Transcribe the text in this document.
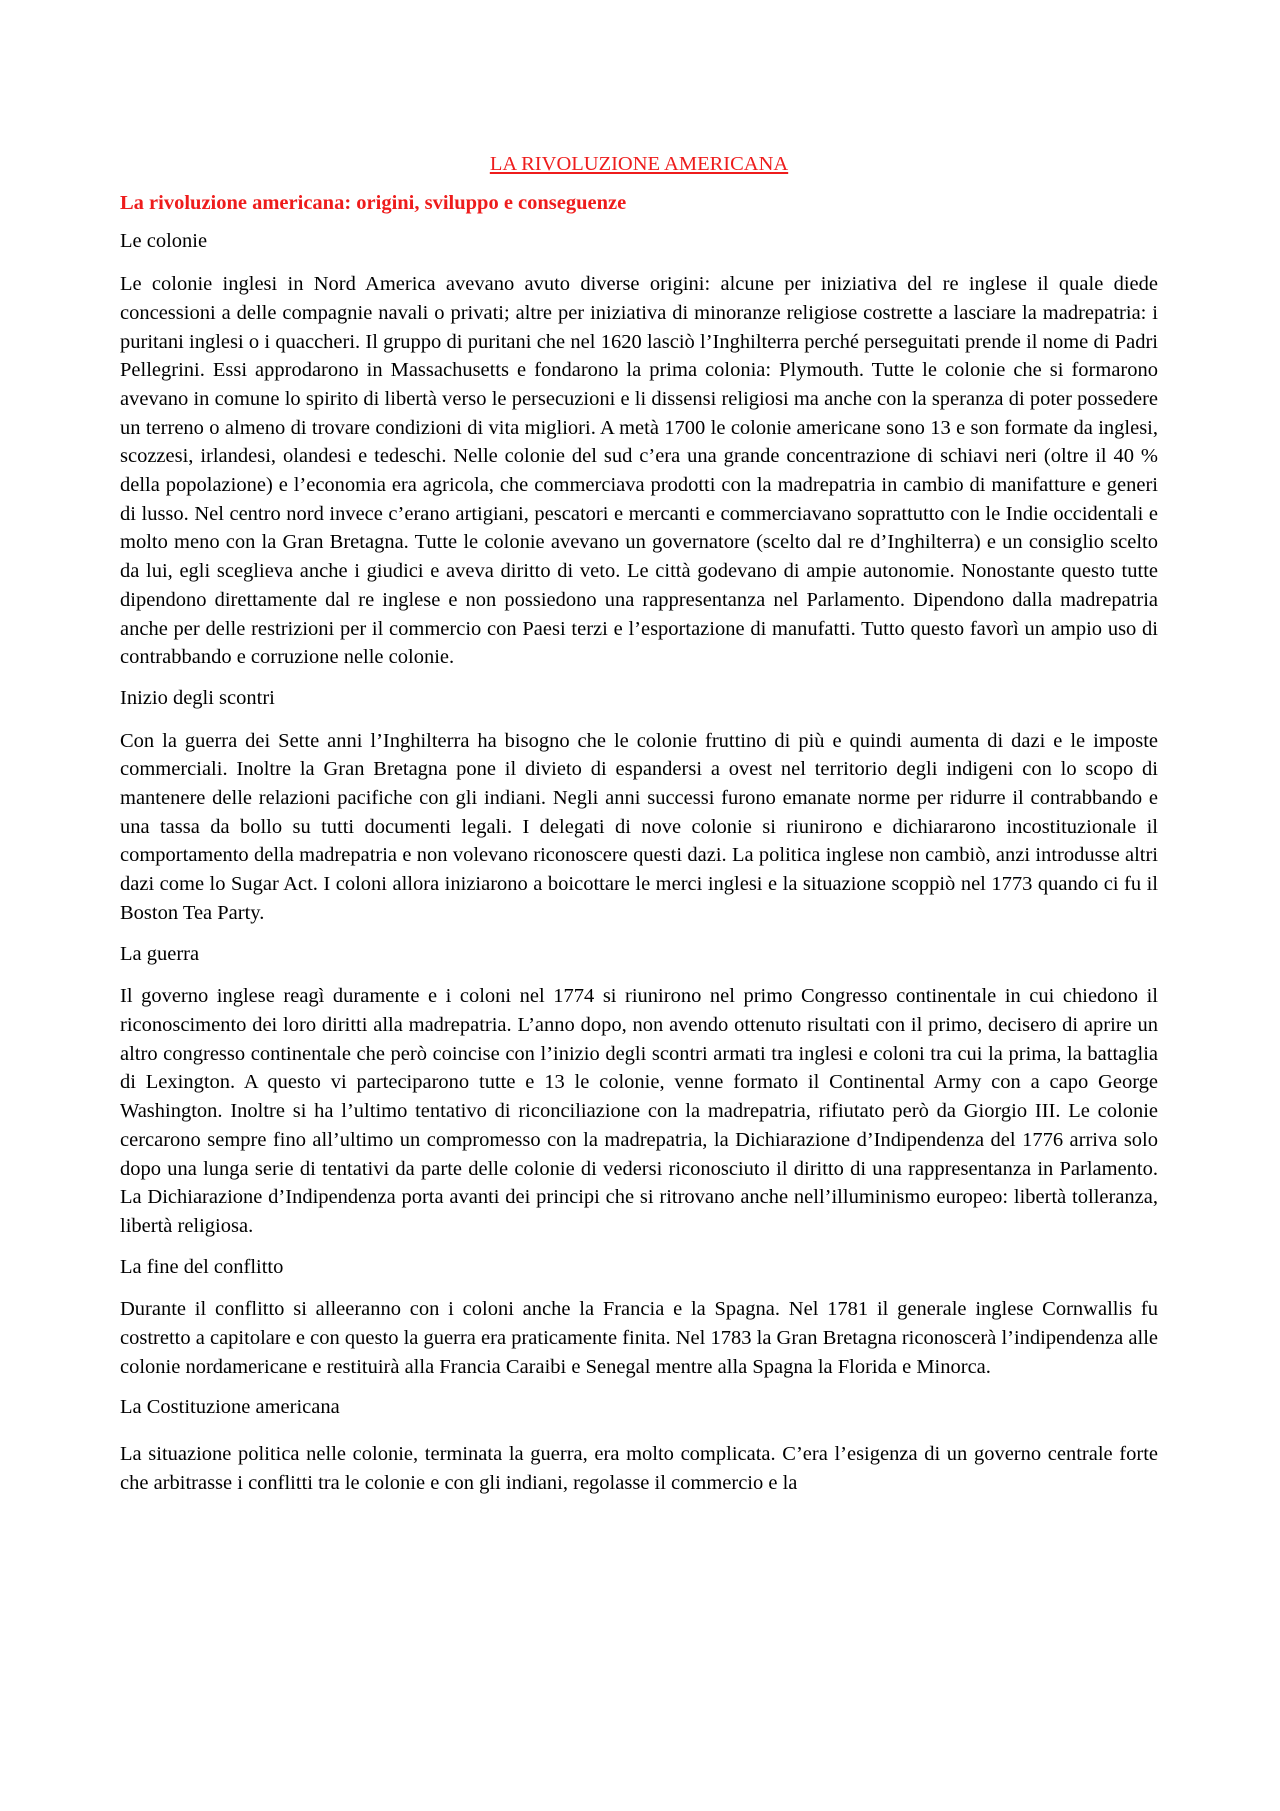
LA RIVOLUZIONE AMERICANA

La rivoluzione americana: origini, sviluppo e conseguenze

Le colonie

Le colonie inglesi in Nord America avevano avuto diverse origini: alcune per iniziativa del re inglese il quale diede concessioni a delle compagnie navali o privati; altre per iniziativa di minoranze religiose costrette a lasciare la madrepatria: i puritani inglesi o i quaccheri. Il gruppo di puritani che nel 1620 lasciò l’Inghilterra perché perseguitati prende il nome di Padri Pellegrini. Essi approdarono in Massachusetts e fondarono la prima colonia: Plymouth. Tutte le colonie che si formarono avevano in comune lo spirito di libertà verso le persecuzioni e li dissensi religiosi ma anche con la speranza di poter possedere un terreno o almeno di trovare condizioni di vita migliori. A metà 1700 le colonie americane sono 13 e son formate da inglesi, scozzesi, irlandesi, olandesi e tedeschi. Nelle colonie del sud c’era una grande concentrazione di schiavi neri (oltre il 40 % della popolazione) e l’economia era agricola, che commerciava prodotti con la madrepatria in cambio di manifatture e generi di lusso. Nel centro nord invece c’erano artigiani, pescatori e mercanti e commerciavano soprattutto con le Indie occidentali e molto meno con la Gran Bretagna. Tutte le colonie avevano un governatore (scelto dal re d’Inghilterra) e un consiglio scelto da lui, egli sceglieva anche i giudici e aveva diritto di veto. Le città godevano di ampie autonomie. Nonostante questo tutte dipendono direttamente dal re inglese e non possiedono una rappresentanza nel Parlamento. Dipendono dalla madrepatria anche per delle restrizioni per il commercio con Paesi terzi e l’esportazione di manufatti. Tutto questo favorì un ampio uso di contrabbando e corruzione nelle colonie.

Inizio degli scontri

Con la guerra dei Sette anni l’Inghilterra ha bisogno che le colonie fruttino di più e quindi aumenta di dazi e le imposte commerciali. Inoltre la Gran Bretagna pone il divieto di espandersi a ovest nel territorio degli indigeni con lo scopo di mantenere delle relazioni pacifiche con gli indiani. Negli anni successi furono emanate norme per ridurre il contrabbando e una tassa da bollo su tutti documenti legali. I delegati di nove colonie si riunirono e dichiararono incostituzionale il comportamento della madrepatria e non volevano riconoscere questi dazi. La politica inglese non cambiò, anzi introdusse altri dazi come lo Sugar Act. I coloni allora iniziarono a boicottare le merci inglesi e la situazione scoppiò nel 1773 quando ci fu il Boston Tea Party.

La guerra

Il governo inglese reagì duramente e i coloni nel 1774 si riunirono nel primo Congresso continentale in cui chiedono il riconoscimento dei loro diritti alla madrepatria. L’anno dopo, non avendo ottenuto risultati con il primo, decisero di aprire un altro congresso continentale che però coincise con l’inizio degli scontri armati tra inglesi e coloni tra cui la prima, la battaglia di Lexington. A questo vi parteciparono tutte e 13 le colonie, venne formato il Continental Army con a capo George Washington. Inoltre si ha l’ultimo tentativo di riconciliazione con la madrepatria, rifiutato però da Giorgio III. Le colonie cercarono sempre fino all’ultimo un compromesso con la madrepatria, la Dichiarazione d’Indipendenza del 1776 arriva solo dopo una lunga serie di tentativi da parte delle colonie di vedersi riconosciuto il diritto di una rappresentanza in Parlamento. La Dichiarazione d’Indipendenza porta avanti dei principi che si ritrovano anche nell’illuminismo europeo: libertà tolleranza, libertà religiosa.

La fine del conflitto

Durante il conflitto si alleeranno con i coloni anche la Francia e la Spagna. Nel 1781 il generale inglese Cornwallis fu costretto a capitolare e con questo la guerra era praticamente finita. Nel 1783 la Gran Bretagna riconoscerà l’indipendenza alle colonie nordamericane e restituirà alla Francia Caraibi e Senegal mentre alla Spagna la Florida e Minorca.

La Costituzione americana

La situazione politica nelle colonie, terminata la guerra, era molto complicata. C’era l’esigenza di un governo centrale forte che arbitrasse i conflitti tra le colonie e con gli indiani, regolasse il commercio e la
